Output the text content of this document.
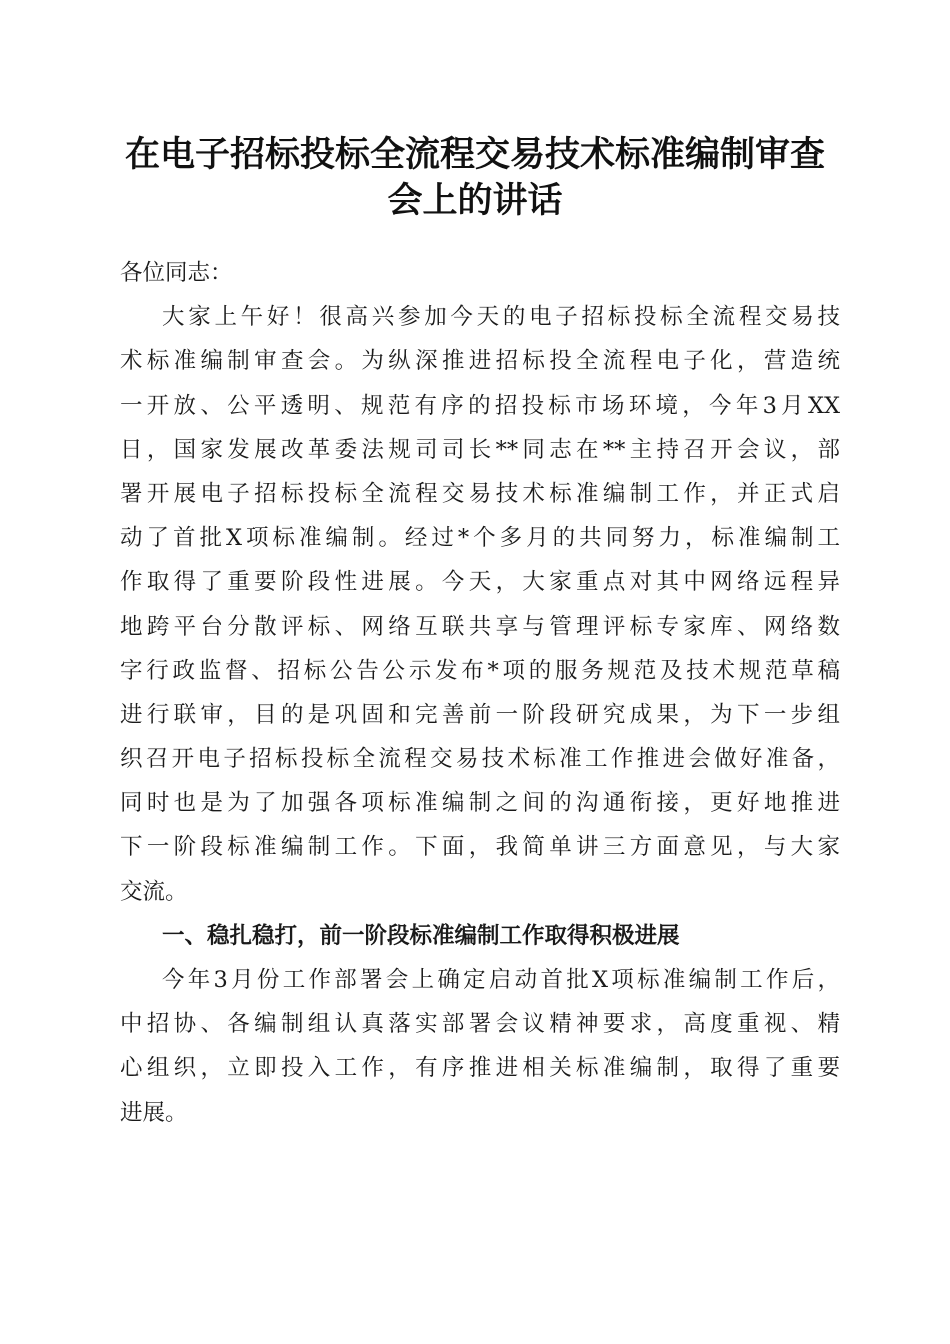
在电子招标投标全流程交易技术标准编制审查
会上的讲话
各位同志：
大家上午好！很高兴参加今天的电子招标投标全流程交易技
术标准编制审查会。为纵深推进招标投全流程电子化，营造统
一开放、公平透明、规范有序的招投标市场环境，今年3月XX
日，国家发展改革委法规司司长**同志在**主持召开会议，部
署开展电子招标投标全流程交易技术标准编制工作，并正式启
动了首批X项标准编制。经过*个多月的共同努力，标准编制工
作取得了重要阶段性进展。今天，大家重点对其中网络远程异
地跨平台分散评标、网络互联共享与管理评标专家库、网络数
字行政监督、招标公告公示发布*项的服务规范及技术规范草稿
进行联审，目的是巩固和完善前一阶段研究成果，为下一步组
织召开电子招标投标全流程交易技术标准工作推进会做好准备，
同时也是为了加强各项标准编制之间的沟通衔接，更好地推进
下一阶段标准编制工作。下面，我简单讲三方面意见，与大家
交流。
一、稳扎稳打，前一阶段标准编制工作取得积极进展
今年3月份工作部署会上确定启动首批X项标准编制工作后，
中招协、各编制组认真落实部署会议精神要求，高度重视、精
心组织，立即投入工作，有序推进相关标准编制，取得了重要
进展。
